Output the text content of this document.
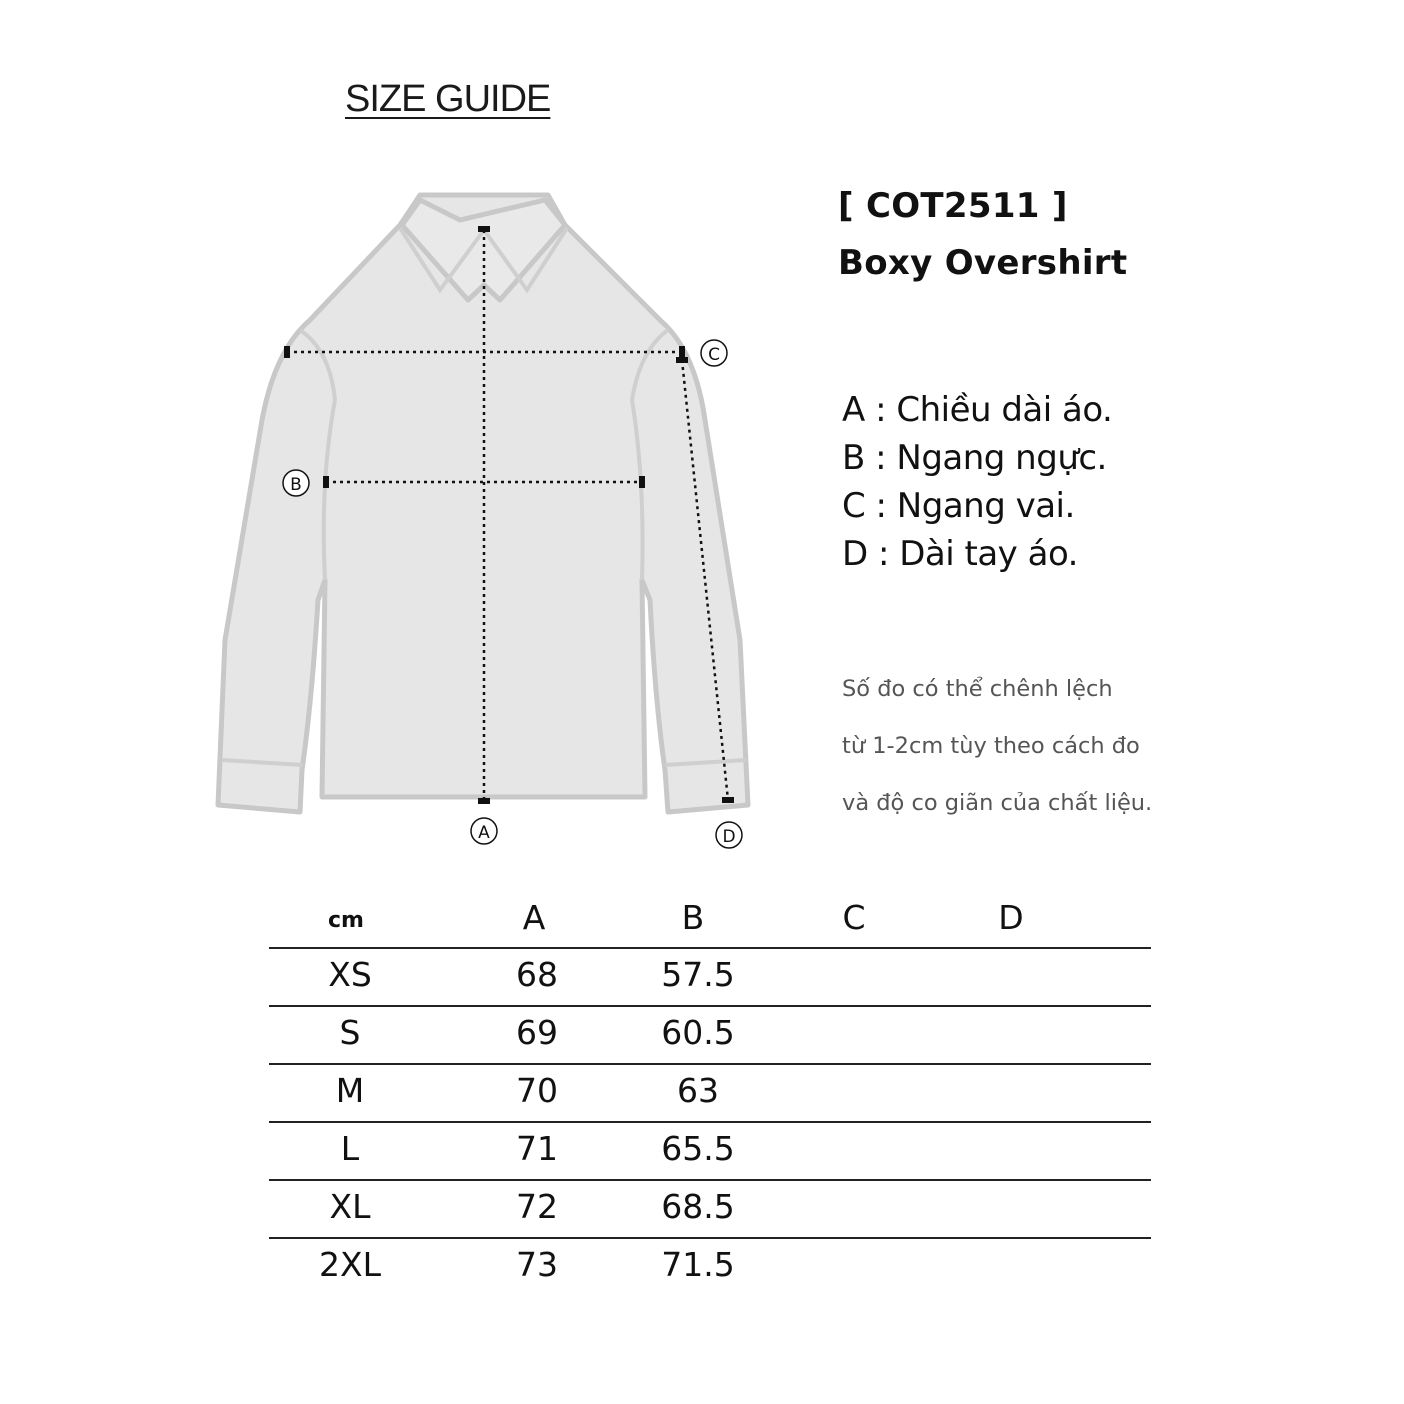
SIZE GUIDE
A
B
C
D
[ COT2511 ]
Boxy Overshirt
A : Chiều dài áo.
B : Ngang ngực.
C : Ngang vai.
D : Dài tay áo.
Số đo có thể chênh lệch
từ 1-2cm tùy theo cách đo
và độ co giãn của chất liệu.
cm	A	B	C	D
XS	68	57.5
S	69	60.5
M	70	63
L	71	65.5
XL	72	68.5
2XL	73	71.5
